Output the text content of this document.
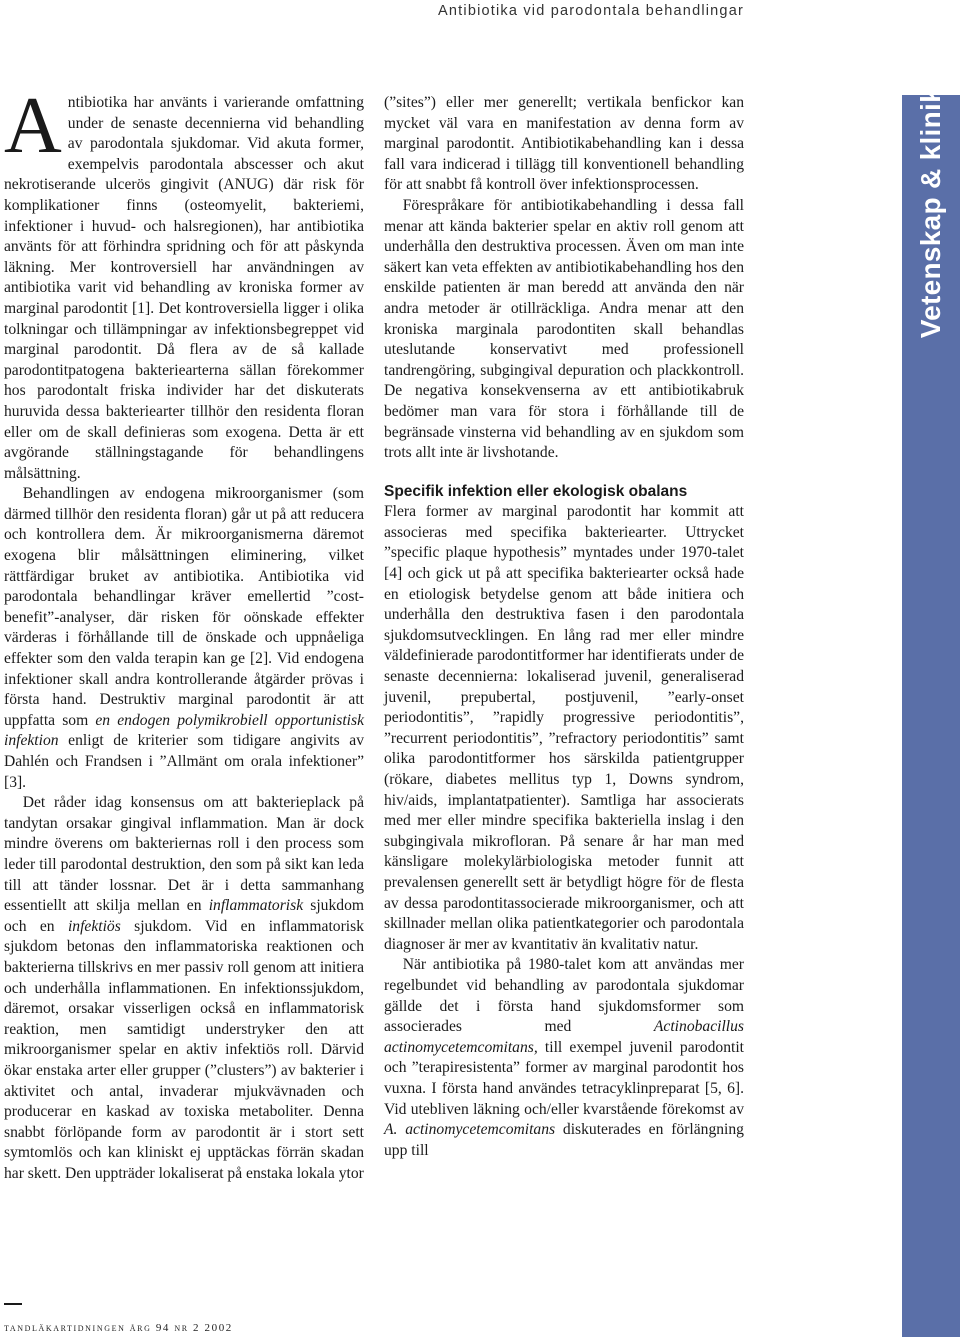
Antibiotika vid parodontala behandlingar
Vetenskap & klinik

Antibiotika har använts i varierande omfattning under de senaste decennierna vid behandling av parodontala sjukdomar. Vid akuta former, exempelvis parodontala abscesser och akut nekrotiserande ulcerös gingivit (ANUG) där risk för komplikationer finns (osteomyelit, bakteriemi, infektioner i huvud- och halsregionen), har antibiotika använts för att förhindra spridning och för att påskynda läkning. Mer kontroversiell har användningen av antibiotika varit vid behandling av kroniska former av marginal parodontit [1]. Det kontroversiella ligger i olika tolkningar och tillämpningar av infektionsbegreppet vid marginal parodontit. Då flera av de så kallade parodontitpatogena bakteriearterna sällan förekommer hos parodontalt friska individer har det diskuterats huruvida dessa bakteriearter tillhör den residenta floran eller om de skall definieras som exogena. Detta är ett avgörande ställningstagande för behandlingens målsättning.

Behandlingen av endogena mikroorganismer (som därmed tillhör den residenta floran) går ut på att reducera och kontrollera dem. Är mikroorganismerna däremot exogena blir målsättningen eliminering, vilket rättfärdigar bruket av antibiotika. Antibiotika vid parodontala behandlingar kräver emellertid ”cost-benefit”-analyser, där risken för oönskade effekter värderas i förhållande till de önskade och uppnåeliga effekter som den valda terapin kan ge [2]. Vid endogena infektioner skall andra kontrollerande åtgärder prövas i första hand. Destruktiv marginal parodontit är att uppfatta som en endogen polymikrobiell opportunistisk infektion enligt de kriterier som tidigare angivits av Dahlén och Frandsen i ”Allmänt om orala infektioner” [3].

Det råder idag konsensus om att bakterieplack på tandytan orsakar gingival inflammation. Man är dock mindre överens om bakteriernas roll i den process som leder till parodontal destruktion, den som på sikt kan leda till att tänder lossnar. Det är i detta sammanhang essentiellt att skilja mellan en inflammatorisk sjukdom och en infektiös sjukdom. Vid en inflammatorisk sjukdom betonas den inflammatoriska reaktionen och bakterierna tillskrivs en mer passiv roll genom att initiera och underhålla inflammationen. En infektionssjukdom, däremot, orsakar visserligen också en inflammatorisk reaktion, men samtidigt understryker den att mikroorganismer spelar en aktiv infektiös roll. Därvid ökar enstaka arter eller grupper (”clusters”) av bakterier i aktivitet och antal, invaderar mjukvävnaden och producerar en kaskad av toxiska metaboliter. Denna snabbt förlöpande form av parodontit är i stort sett symtomlös och kan kliniskt ej upptäckas förrän skadan har skett. Den uppträder lokaliserat på enstaka lokala ytor

(”sites”) eller mer generellt; vertikala benfickor kan mycket väl vara en manifestation av denna form av marginal parodontit. Antibiotikabehandling kan i dessa fall vara indicerad i tillägg till konventionell behandling för att snabbt få kontroll över infektionsprocessen.

Förespråkare för antibiotikabehandling i dessa fall menar att kända bakterier spelar en aktiv roll genom att underhålla den destruktiva processen. Även om man inte säkert kan veta effekten av antibiotikabehandling hos den enskilde patienten är man beredd att använda den när andra metoder är otillräckliga. Andra menar att den kroniska marginala parodontiten skall behandlas uteslutande konservativt med professionell tandrengöring, subgingival depuration och plackkontroll. De negativa konsekvenserna av ett antibiotikabruk bedömer man vara för stora i förhållande till de begränsade vinsterna vid behandling av en sjukdom som trots allt inte är livshotande.

Specifik infektion eller ekologisk obalans

Flera former av marginal parodontit har kommit att associeras med specifika bakteriearter. Uttrycket ”specific plaque hypothesis” myntades under 1970-talet [4] och gick ut på att specifika bakteriearter också hade en etiologisk betydelse genom att både initiera och underhålla den destruktiva fasen i den parodontala sjukdomsutvecklingen. En lång rad mer eller mindre väldefinierade parodontitformer har identifierats under de senaste decennierna: lokaliserad juvenil, generaliserad juvenil, prepubertal, postjuvenil, ”early-onset periodontitis”, ”rapidly progressive periodontitis”, ”recurrent periodontitis”, ”refractory periodontitis” samt olika parodontitformer hos särskilda patientgrupper (rökare, diabetes mellitus typ 1, Downs syndrom, hiv/aids, implantatpatienter). Samtliga har associerats med mer eller mindre specifika bakteriella inslag i den subgingivala mikrofloran. På senare år har man med känsligare molekylärbiologiska metoder funnit att prevalensen generellt sett är betydligt högre för de flesta av dessa parodontitassocierade mikroorganismer, och att skillnader mellan olika patientkategorier och parodontala diagnoser är mer av kvantitativ än kvalitativ natur.

När antibiotika på 1980-talet kom att användas mer regelbundet vid behandling av parodontala sjukdomar gällde det i första hand sjukdomsformer som associerades med Actinobacillus actinomycetemcomitans, till exempel juvenil parodontit och ”terapiresistenta” former av marginal parodontit hos vuxna. I första hand användes tetracyklinpreparat [5, 6]. Vid utebliven läkning och/eller kvarstående förekomst av A. actinomycetemcomitans diskuterades en förlängning upp till

tandläkartidningen årg 94 nr 2 2002
